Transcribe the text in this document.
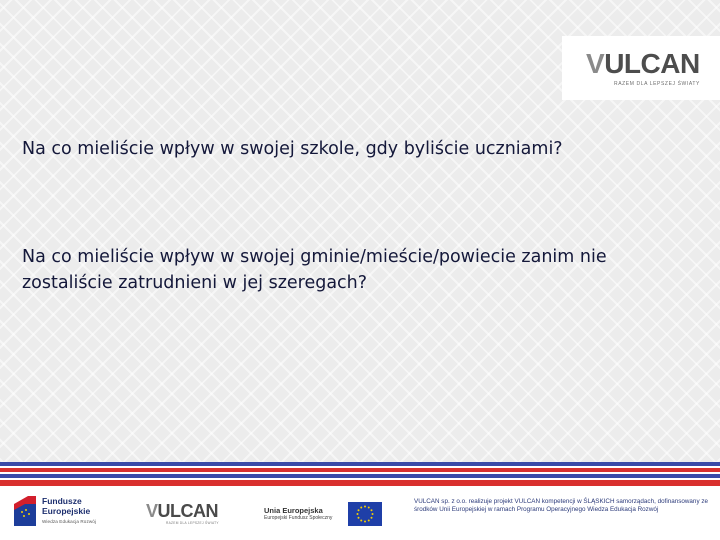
VULCAN
RAZEM DLA LEPSZEJ ŚWIATY

Na co mieliście wpływ w swojej szkole, gdy byliście uczniami?

Na co mieliście wpływ w swojej gminie/mieście/powiecie zanim nie zostaliście zatrudnieni w jej szeregach?

Fundusze Europejskie
Wiedza Edukacja Rozwój
VULCAN
RAZEM DLA LEPSZEJ ŚWIATY
Unia Europejska
Europejski Fundusz Społeczny
VULCAN sp. z o.o. realizuje projekt VULCAN kompetencji w ŚLĄSKICH samorządach, dofinansowany ze środków Unii Europejskiej w ramach Programu Operacyjnego Wiedza Edukacja Rozwój
